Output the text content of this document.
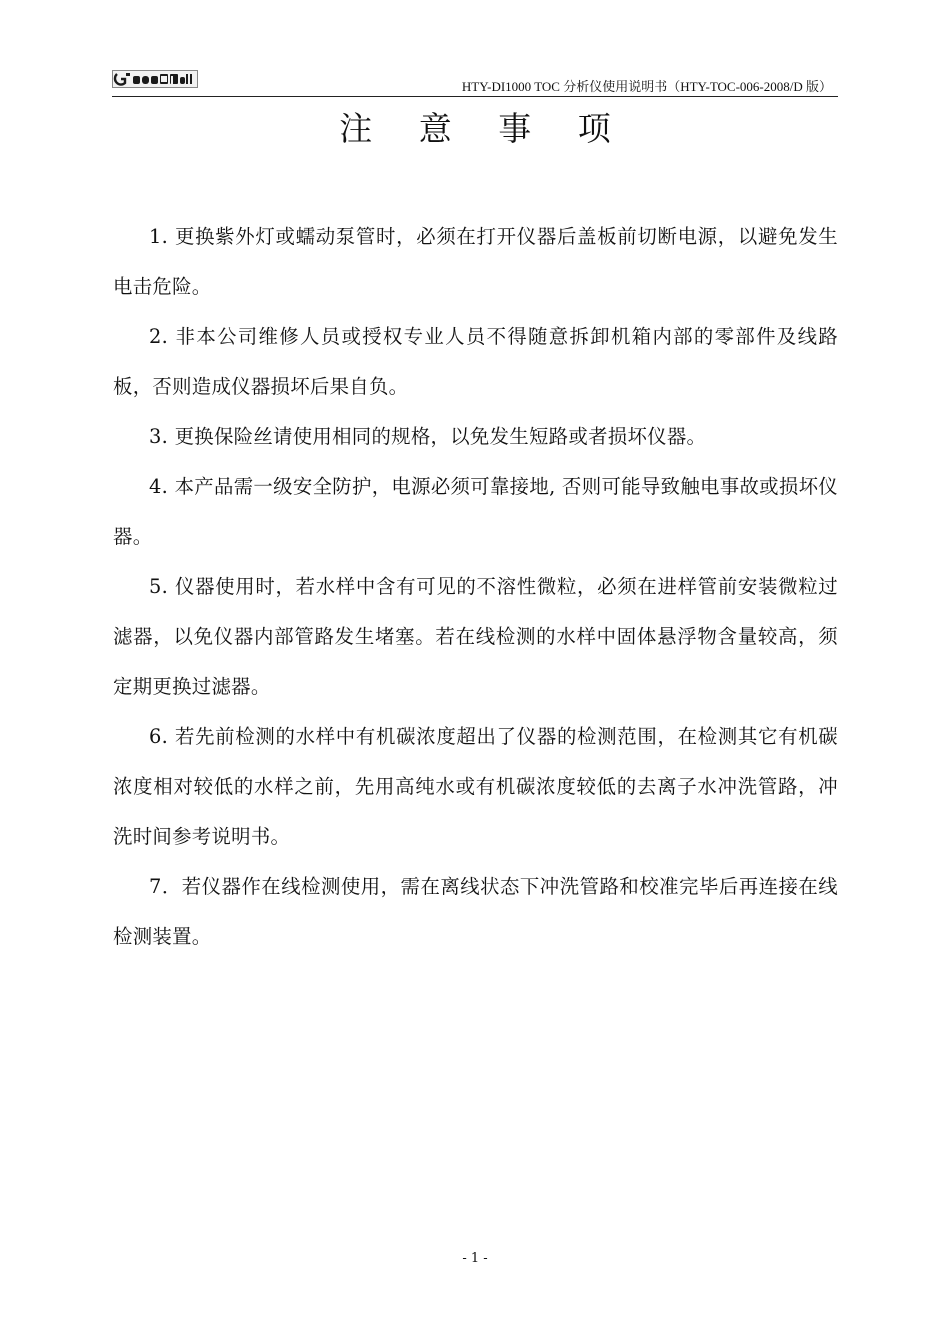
HTY-DI1000 TOC 分析仪使用说明书（HTY-TOC-006-2008/D 版）
注 意 事 项

1. 更换紫外灯或蠕动泵管时，必须在打开仪器后盖板前切断电源，以避免发生电击危险。

2. 非本公司维修人员或授权专业人员不得随意拆卸机箱内部的零部件及线路板，否则造成仪器损坏后果自负。

3. 更换保险丝请使用相同的规格，以免发生短路或者损坏仪器。

4. 本产品需一级安全防护，电源必须可靠接地, 否则可能导致触电事故或损坏仪器。

5. 仪器使用时，若水样中含有可见的不溶性微粒，必须在进样管前安装微粒过滤器，以免仪器内部管路发生堵塞。若在线检测的水样中固体悬浮物含量较高，须定期更换过滤器。

6. 若先前检测的水样中有机碳浓度超出了仪器的检测范围，在检测其它有机碳浓度相对较低的水样之前，先用高纯水或有机碳浓度较低的去离子水冲洗管路，冲洗时间参考说明书。

7．若仪器作在线检测使用，需在离线状态下冲洗管路和校准完毕后再连接在线检测装置。

- 1 -
